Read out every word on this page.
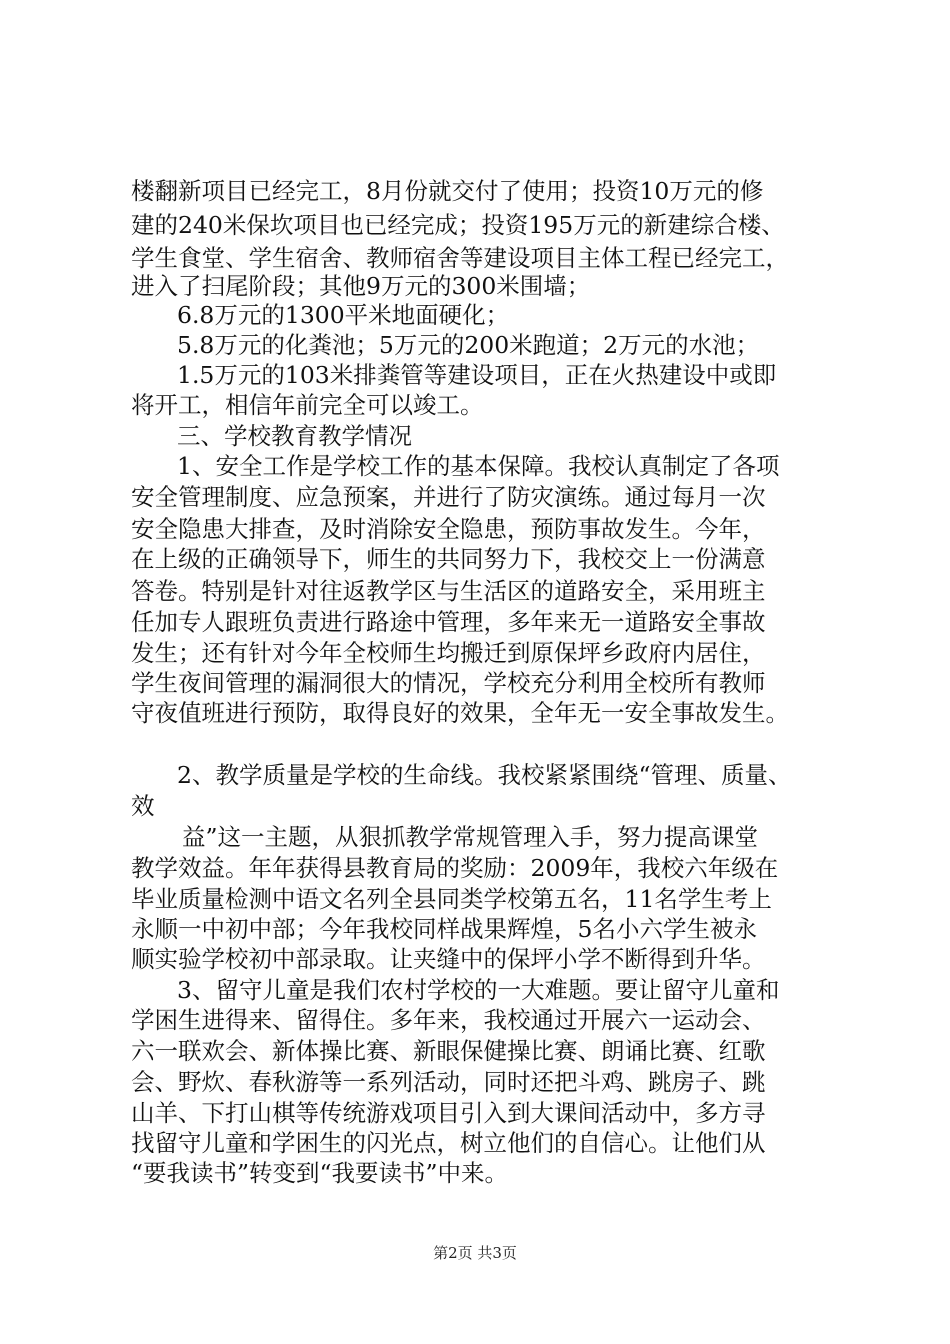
楼翻新项目已经完工，8月份就交付了使用；投资10万元的修
建的240米保坎项目也已经完成；投资195万元的新建综合楼、
学生食堂、学生宿舍、教师宿舍等建设项目主体工程已经完工，
进入了扫尾阶段；其他9万元的300米围墙；
6.8万元的1300平米地面硬化；
5.8万元的化粪池；5万元的200米跑道；2万元的水池；
1.5万元的103米排粪管等建设项目，正在火热建设中或即
将开工，相信年前完全可以竣工。
三、学校教育教学情况
1、安全工作是学校工作的基本保障。我校认真制定了各项
安全管理制度、应急预案，并进行了防灾演练。通过每月一次
安全隐患大排查，及时消除安全隐患，预防事故发生。今年，
在上级的正确领导下，师生的共同努力下，我校交上一份满意
答卷。特别是针对往返教学区与生活区的道路安全，采用班主
任加专人跟班负责进行路途中管理，多年来无一道路安全事故
发生；还有针对今年全校师生均搬迁到原保坪乡政府内居住，
学生夜间管理的漏洞很大的情况，学校充分利用全校所有教师
守夜值班进行预防，取得良好的效果，全年无一安全事故发生。
2、教学质量是学校的生命线。我校紧紧围绕“管理、质量、
效
益”这一主题，从狠抓教学常规管理入手，努力提高课堂
教学效益。年年获得县教育局的奖励：2009年，我校六年级在
毕业质量检测中语文名列全县同类学校第五名，11名学生考上
永顺一中初中部；今年我校同样战果辉煌，5名小六学生被永
顺实验学校初中部录取。让夹缝中的保坪小学不断得到升华。
3、留守儿童是我们农村学校的一大难题。要让留守儿童和
学困生进得来、留得住。多年来，我校通过开展六一运动会、
六一联欢会、新体操比赛、新眼保健操比赛、朗诵比赛、红歌
会、野炊、春秋游等一系列活动，同时还把斗鸡、跳房子、跳
山羊、下打山棋等传统游戏项目引入到大课间活动中，多方寻
找留守儿童和学困生的闪光点，树立他们的自信心。让他们从
“要我读书”转变到“我要读书”中来。
第2页 共3页
